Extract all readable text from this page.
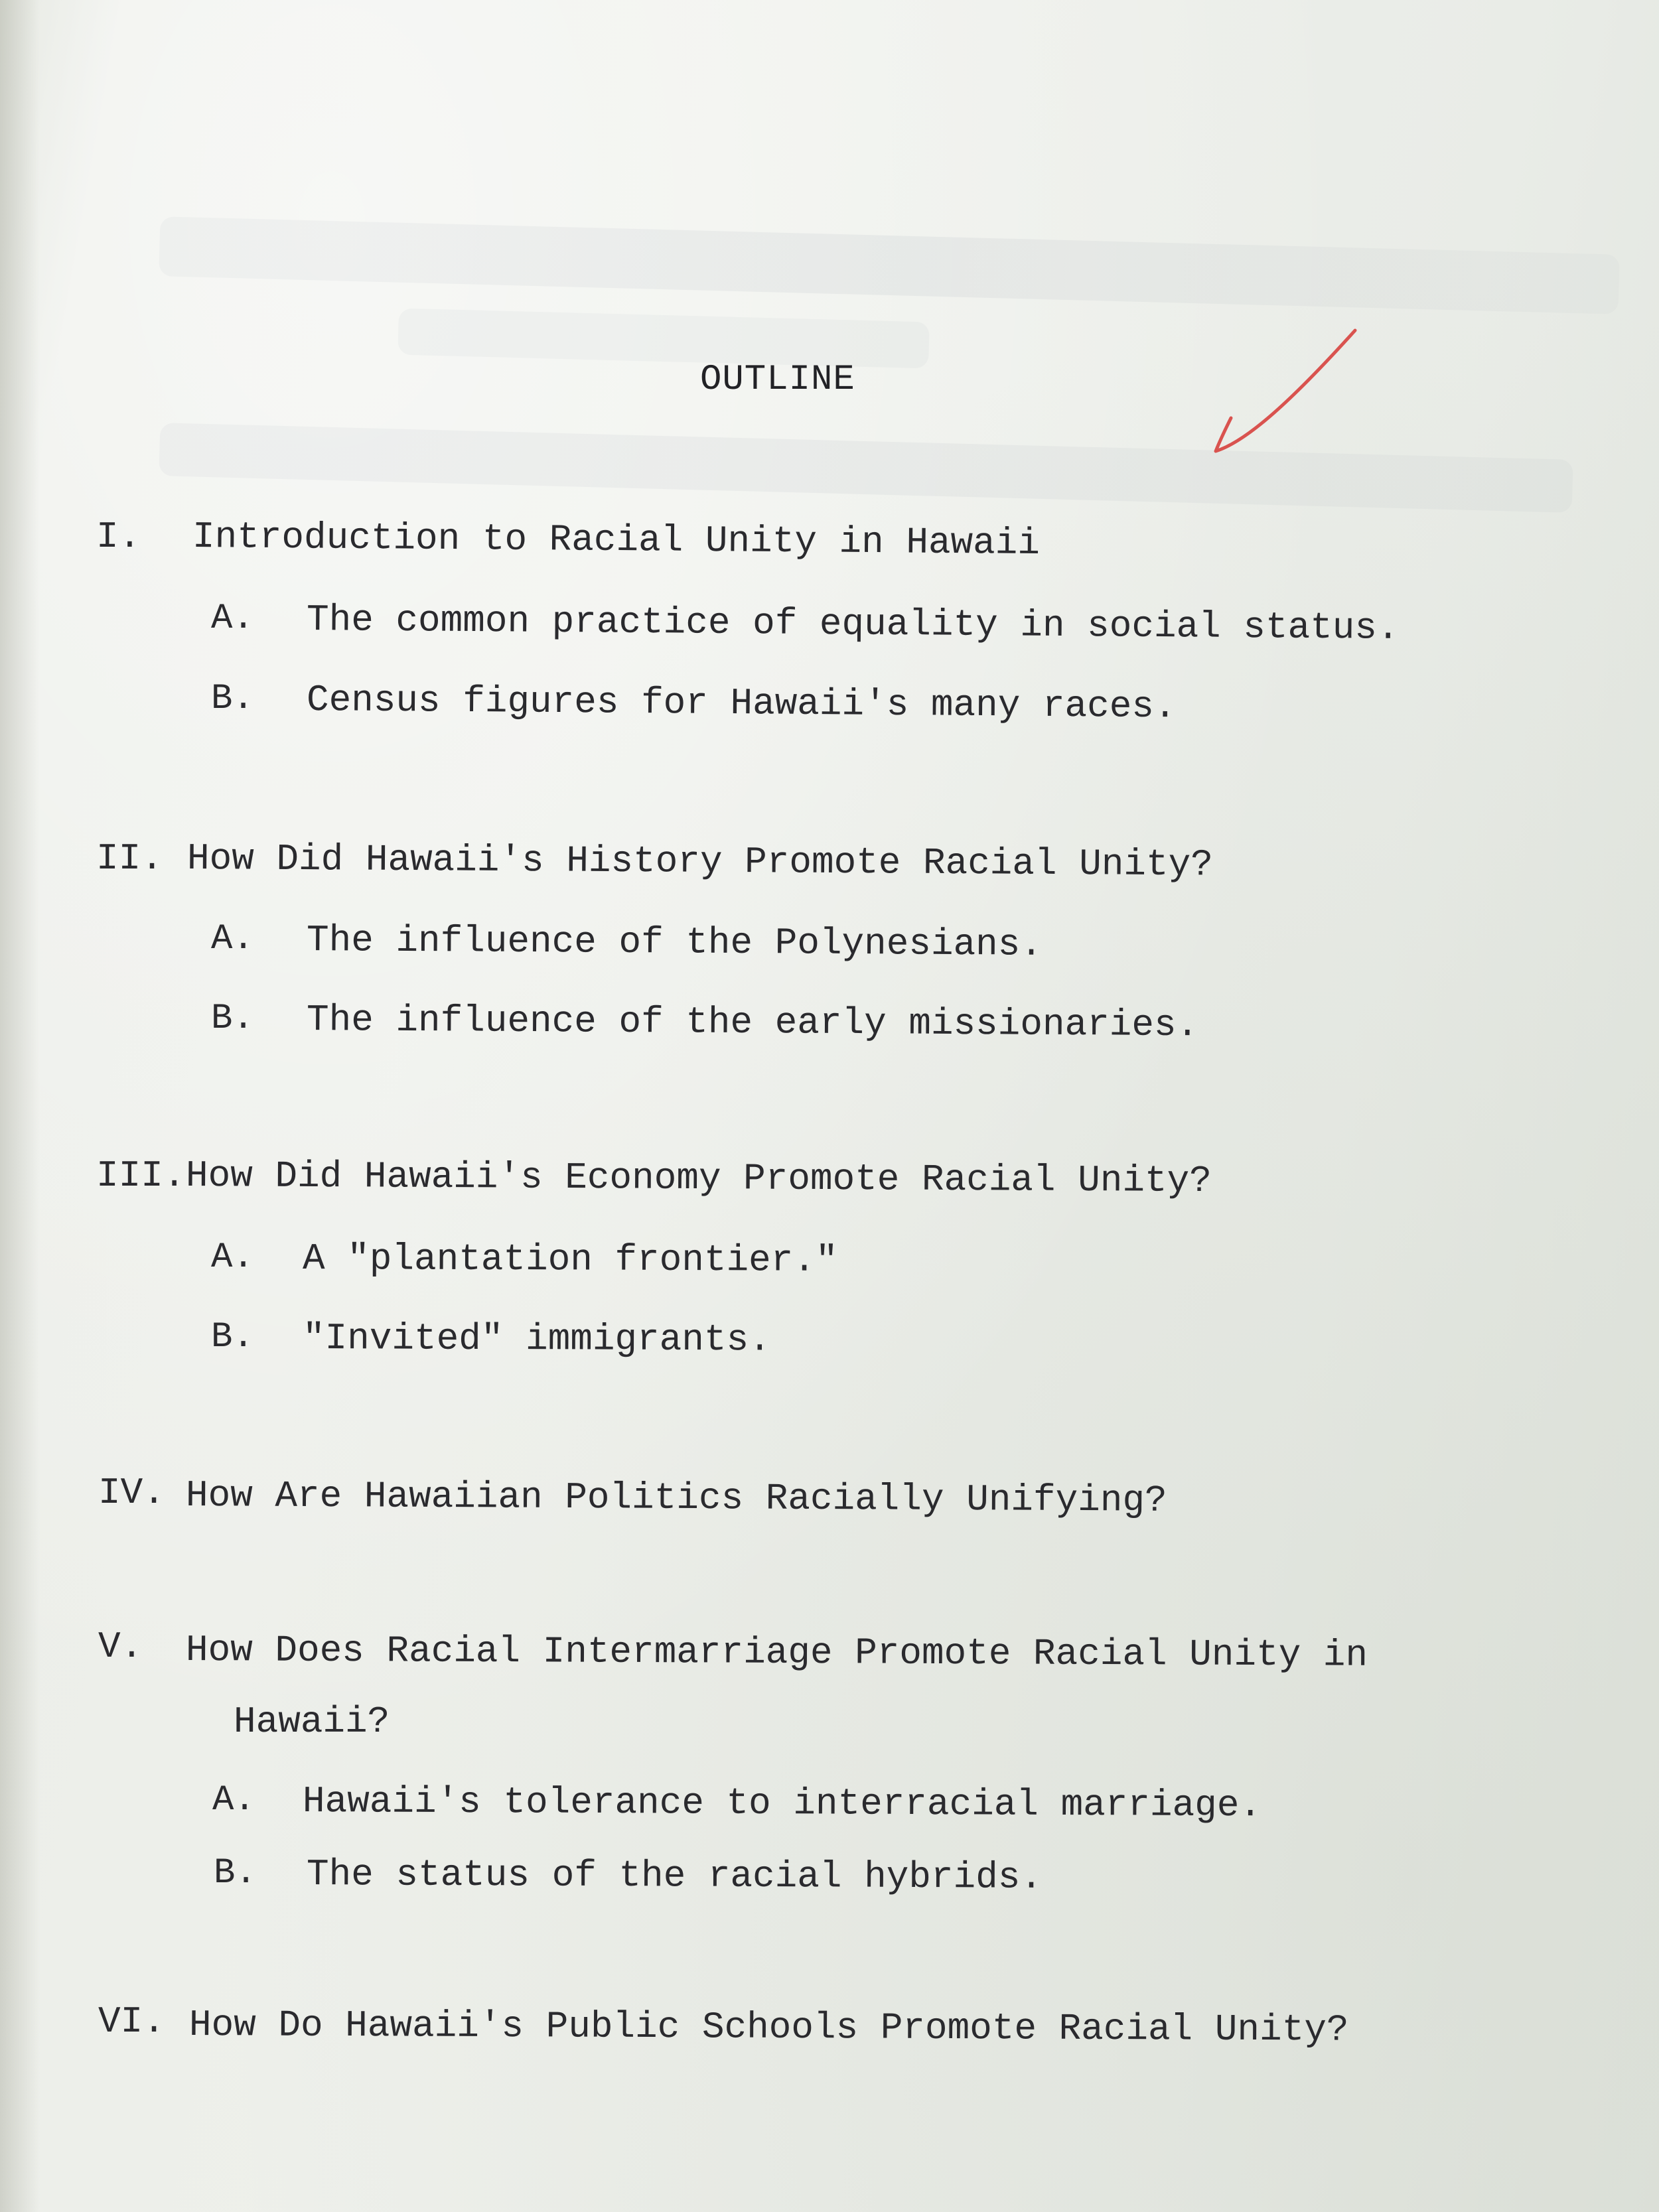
OUTLINE
I. Introduction to Racial Unity in Hawaii
A. The common practice of equality in social status.
B. Census figures for Hawaii's many races.
II. How Did Hawaii's History Promote Racial Unity?
A. The influence of the Polynesians.
B. The influence of the early missionaries.
III. How Did Hawaii's Economy Promote Racial Unity?
A. A "plantation frontier."
B. "Invited" immigrants.
IV. How Are Hawaiian Politics Racially Unifying?
V. How Does Racial Intermarriage Promote Racial Unity in
Hawaii?
A. Hawaii's tolerance to interracial marriage.
B. The status of the racial hybrids.
VI. How Do Hawaii's Public Schools Promote Racial Unity?
